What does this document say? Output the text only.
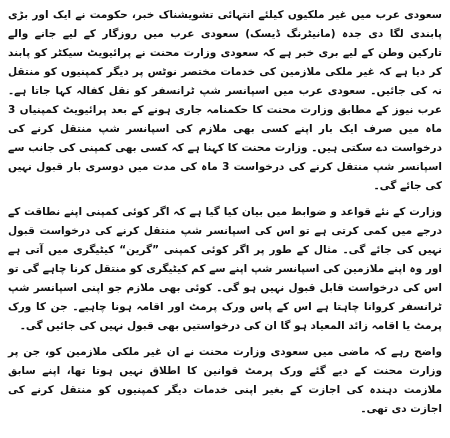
سعودی عرب میں غیر ملکیوں کیلئے انتہائی تشویشناک خبر، حکومت نے ایک اور بڑی پابندی لگا دی جدہ (مانیٹرنگ ڈیسک) سعودی عرب میں روزگار کے لیے جانے والے تارکین وطن کے لیے بری خبر ہے کہ سعودی وزارت محنت نے پرائیویٹ سیکٹر کو پابند کر دیا ہے کہ غیر ملکی ملازمین کی خدمات مختصر نوٹس پر دیگر کمپنیوں کو منتقل نہ کی جائیں۔ سعودی عرب میں اسپانسر شپ ٹرانسفر کو نقل کفالہ کہا جاتا ہے۔ عرب نیوز کے مطابق وزارت محنت کا حکمنامہ جاری ہونے کے بعد پرائیویٹ کمپنیاں 3 ماہ میں صرف ایک بار اپنے کسی بھی ملازم کی اسپانسر شپ منتقل کرنے کی درخواست دے سکتی ہیں۔ وزارت محنت کا کہنا ہے کہ کسی بھی کمپنی کی جانب سے اسپانسر شپ منتقل کرنے کی درخواست 3 ماہ کی مدت میں دوسری بار قبول نہیں کی جائے گی۔

وزارت کے نئے قواعد و ضوابط میں بیان کیا گیا ہے کہ اگر کوئی کمپنی اپنے نطاقت کے درجے میں کمی کرتی ہے تو اس کی اسپانسر شپ منتقل کرنے کی درخواست قبول نہیں کی جائے گی۔ مثال کے طور پر اگر کوئی کمپنی ”گرین“ کیٹیگری میں آتی ہے اور وہ اپنے ملازمین کی اسپانسر شپ اپنے سے کم کیٹیگری کو منتقل کرنا چاہے گی تو اس کی درخواست قابل قبول نہیں ہو گی۔ کوئی بھی ملازم جو اپنی اسپانسر شپ ٹرانسفر کروانا چاہتا ہے اس کے پاس ورک پرمٹ اور اقامہ ہونا چاہیے۔ جن کا ورک پرمٹ یا اقامہ زائد المعیاد ہو گا ان کی درخواستیں بھی قبول نہیں کی جائیں گی۔

واضح رہے کہ ماضی میں سعودی وزارت محنت نے ان غیر ملکی ملازمین کو، جن پر وزارت محنت کے دیے گئے ورک پرمٹ قوانین کا اطلاق نہیں ہوتا تھا، اپنے سابق ملازمت دہندہ کی اجازت کے بغیر اپنی خدمات دیگر کمپنیوں کو منتقل کرنے کی اجازت دی تھی۔
